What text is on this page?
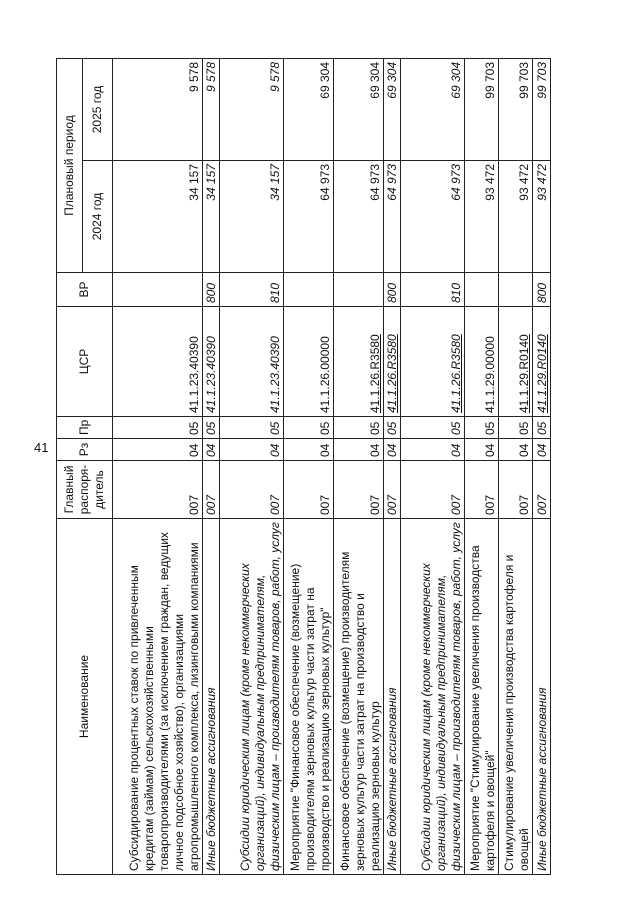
41
Наименование	Главный распоря-дитель	Рз	Пр	ЦСР	ВР	Плановый период	
						2024 год	2025 год
Субсидирование процентных ставок по привлеченным кредитам (займам) сельскохозяйственными товаропроизводителями (за исключением граждан, ведущих личное подсобное хозяйство), организациями агропромышленного комплекса, лизинговыми компаниями	007	04	05	41.1.23.40390		34 157	9 578
Иные бюджетные ассигнования	007	04	05	41.1.23.40390	800	34 157	9 578
Субсидии юридическим лицам (кроме некоммерческих организаций), индивидуальным предпринимателям, физическим лицам – производителям товаров, работ, услуг	007	04	05	41.1.23.40390	810	34 157	9 578
Мероприятие "Финансовое обеспечение (возмещение) производителям зерновых культур части затрат на производство и реализацию зерновых культур"	007	04	05	41.1.26.00000		64 973	69 304
Финансовое обеспечение (возмещение) производителям зерновых культур части затрат на производство и реализацию зерновых культур	007	04	05	41.1.26.R3580		64 973	69 304
Иные бюджетные ассигнования	007	04	05	41.1.26.R3580	800	64 973	69 304
Субсидии юридическим лицам (кроме некоммерческих организаций), индивидуальным предпринимателям, физическим лицам – производителям товаров, работ, услуг	007	04	05	41.1.26.R3580	810	64 973	69 304
Мероприятие "Стимулирование увеличения производства картофеля и овощей"	007	04	05	41.1.29.00000		93 472	99 703
Стимулирование увеличения производства картофеля и овощей	007	04	05	41.1.29.R0140		93 472	99 703
Иные бюджетные ассигнования	007	04	05	41.1.29.R0140	800	93 472	99 703
